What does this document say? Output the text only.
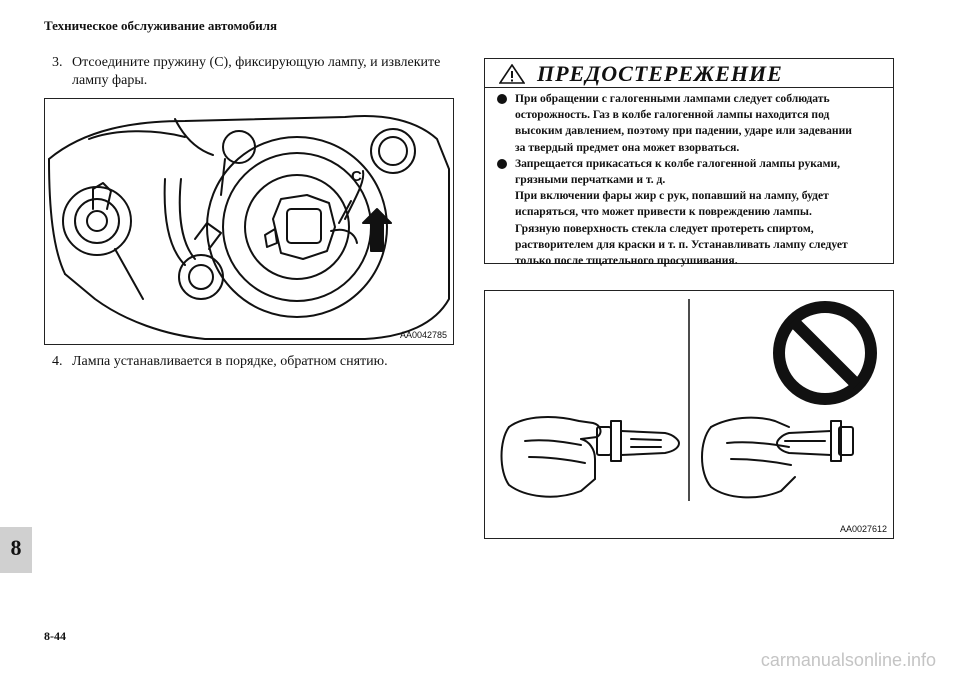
Техническое обслуживание автомобиля
3. Отсоедините пружину (С), фиксирующую лампу, и извлеките
лампу фары.
C
AA0042785
4. Лампа устанавливается в порядке, обратном снятию.
ПРЕДОСТЕРЕЖЕНИЕ
При обращении с галогенными лампами следует соблюдать
осторожность. Газ в колбе галогенной лампы находится под
высоким давлением, поэтому при падении, ударе или задевании
за твердый предмет она может взорваться.
Запрещается прикасаться к колбе галогенной лампы руками,
грязными перчатками и т. д.
При включении фары жир с рук, попавший на лампу, будет
испаряться, что может привести к повреждению лампы.
Грязную поверхность стекла следует протереть спиртом,
растворителем для краски и т. п. Устанавливать лампу следует
только после тщательного просушивания.
AA0027612
8
8-44
carmanualsonline.info
